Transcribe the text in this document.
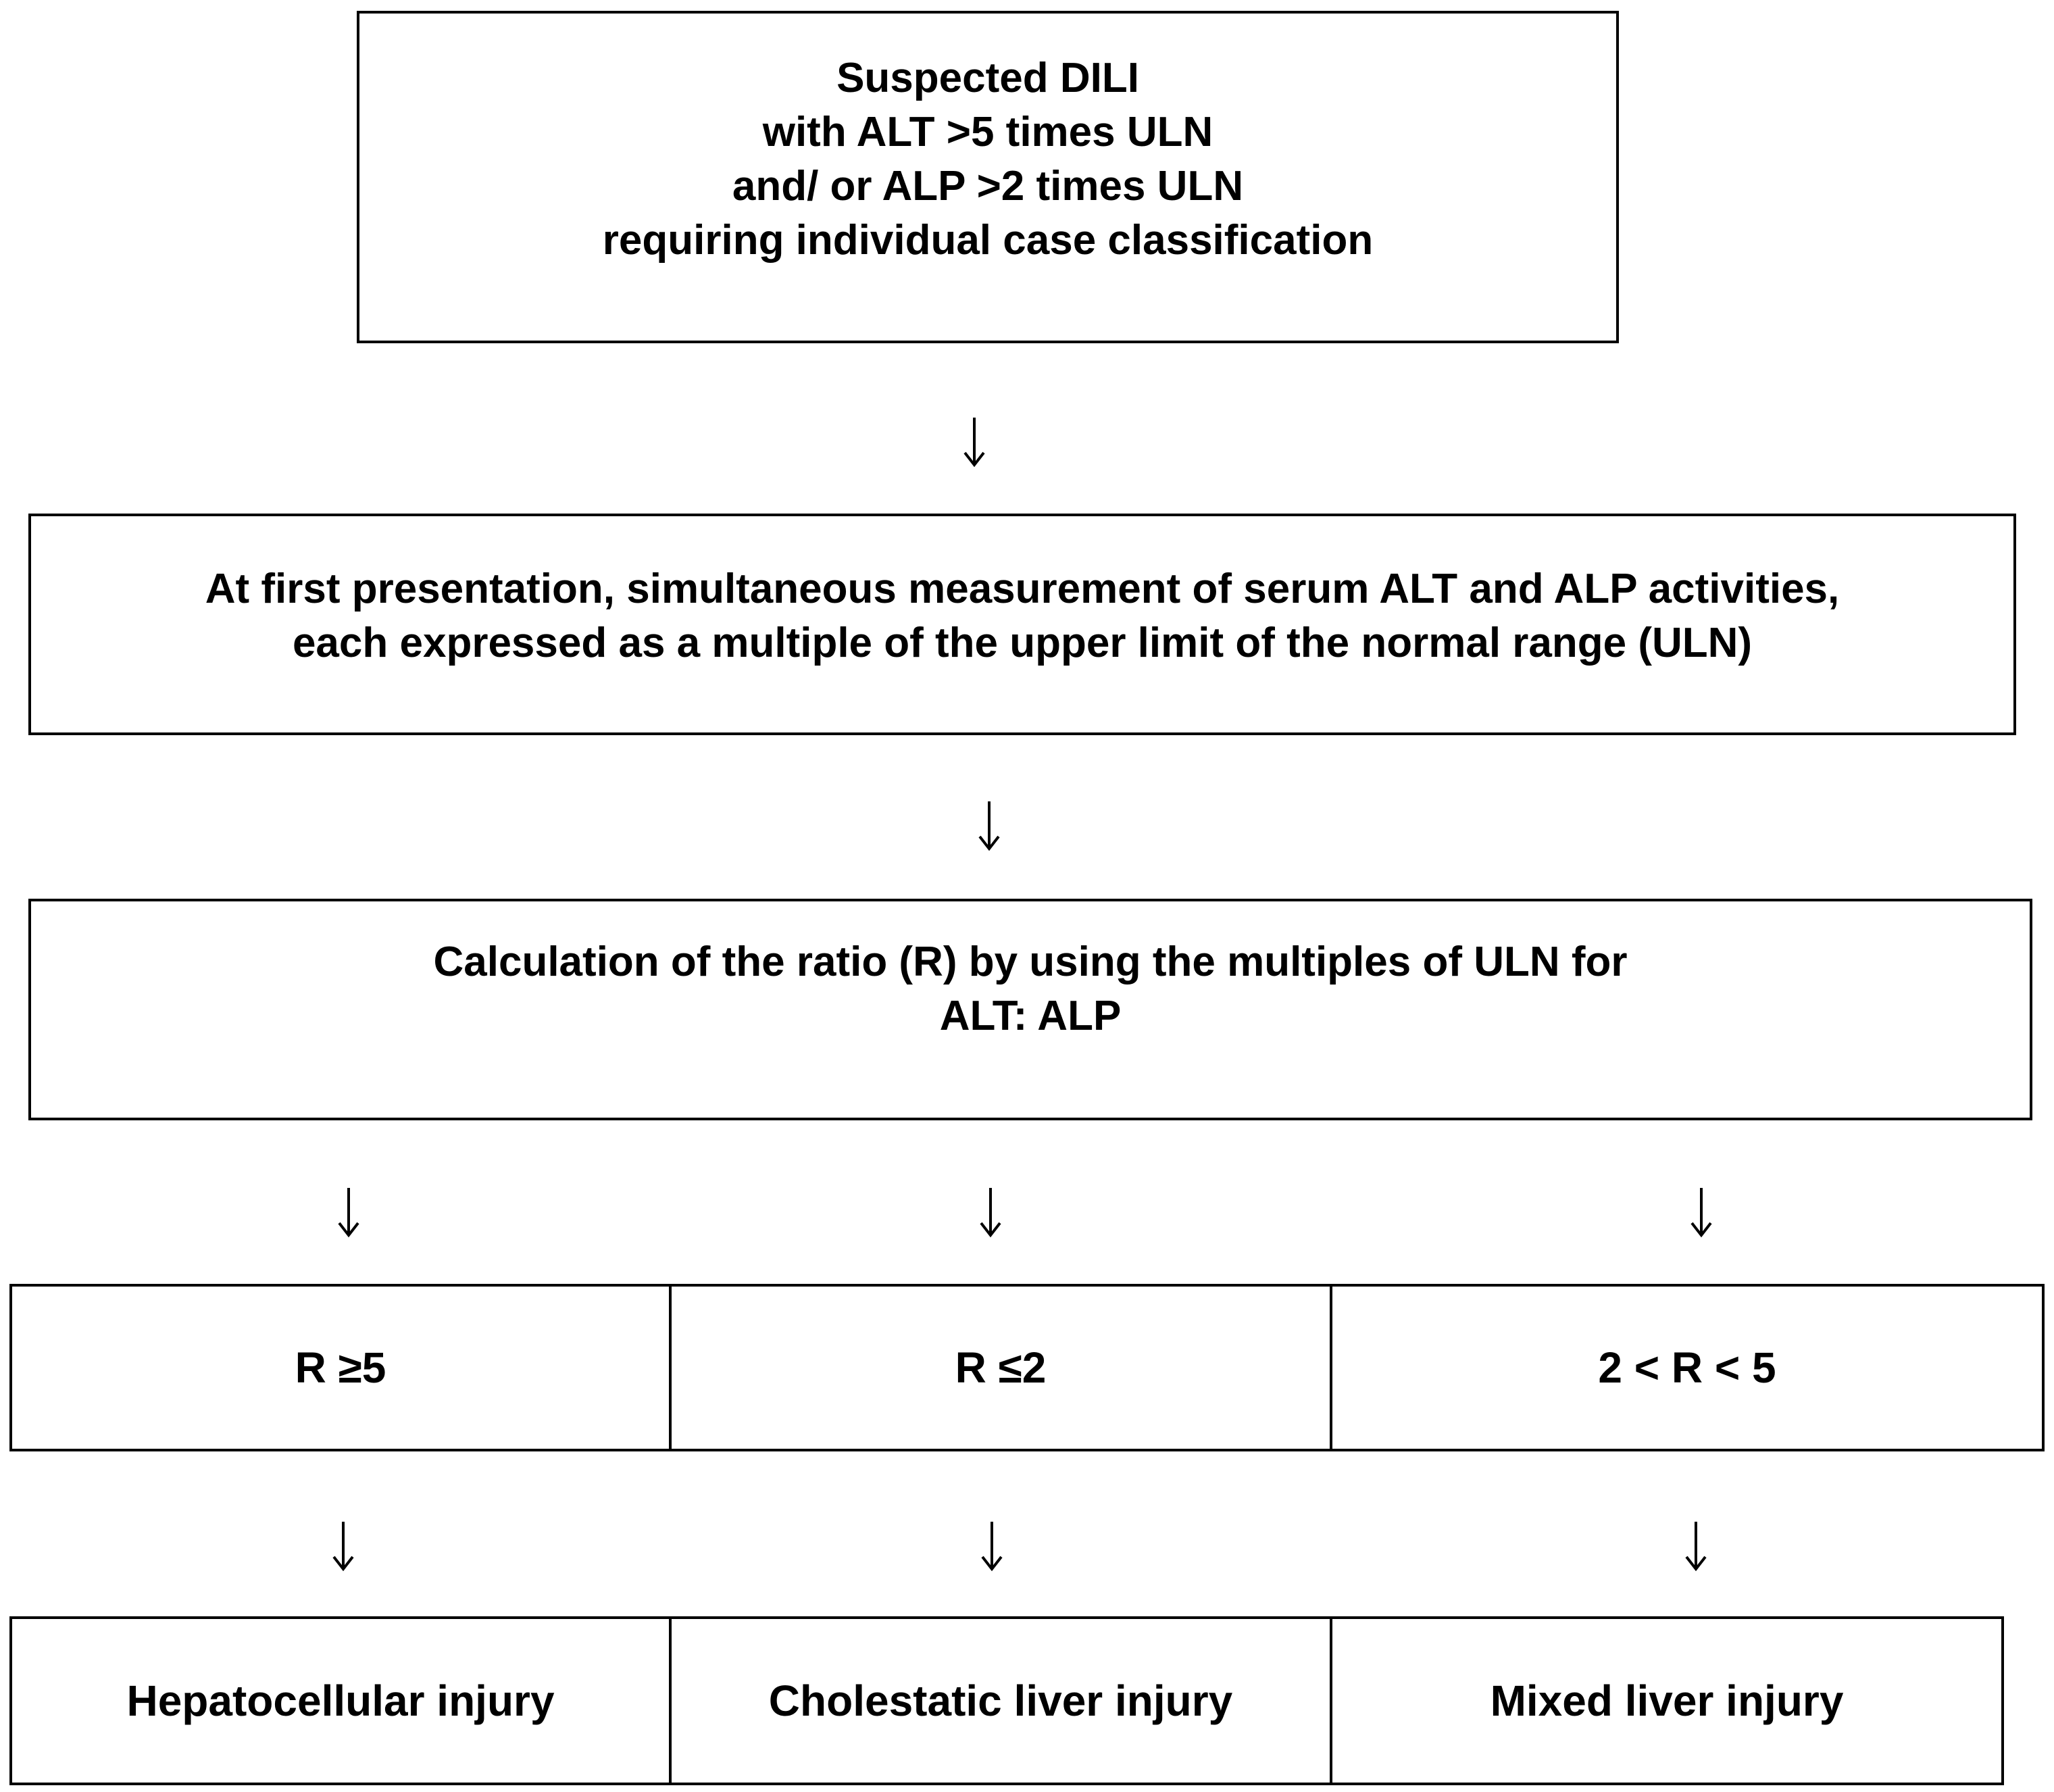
Suspected DILI
with ALT >5 times ULN
and/ or ALP >2 times ULN
requiring individual case classification
At first presentation, simultaneous measurement of serum ALT and ALP activities,
each expressed as a multiple of the upper limit of the normal range (ULN)
Calculation of the ratio (R) by using the multiples of ULN for
ALT: ALP
R ≥5	R ≤2	2 < R < 5
Hepatocellular injury	Cholestatic liver injury	Mixed liver injury
